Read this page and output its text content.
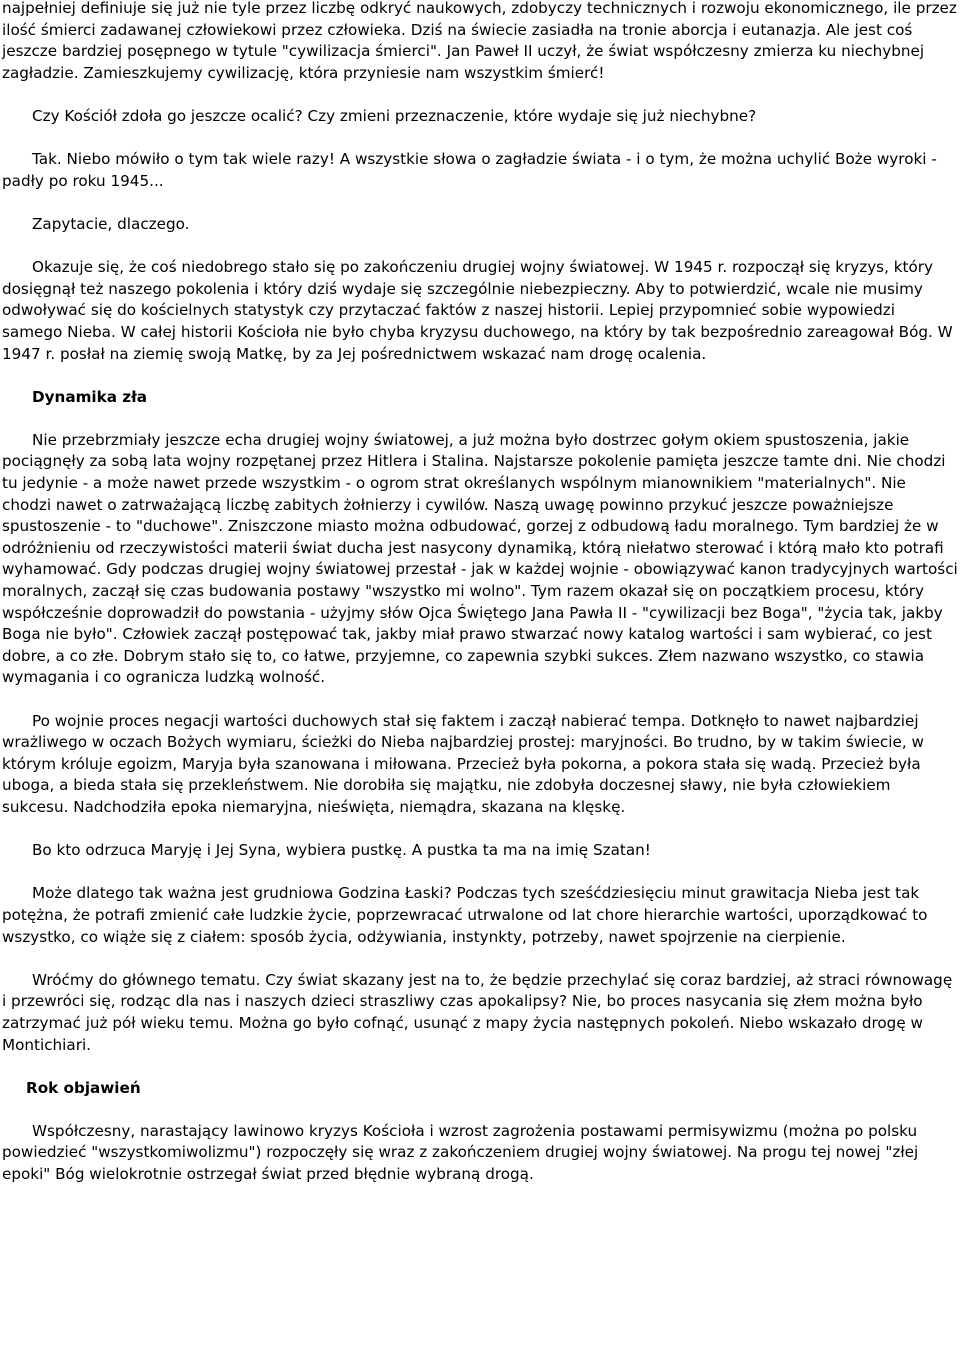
najpełniej definiuje się już nie tyle przez liczbę odkryć naukowych, zdobyczy technicznych i rozwoju ekonomicznego, ile przez ilość śmierci zadawanej człowiekowi przez człowieka. Dziś na świecie zasiadła na tronie aborcja i eutanazja. Ale jest coś jeszcze bardziej posępnego w tytule "cywilizacja śmierci". Jan Paweł II uczył, że świat współczesny zmierza ku niechybnej zagładzie. Zamieszkujemy cywilizację, która przyniesie nam wszystkim śmierć!

Czy Kościół zdoła go jeszcze ocalić? Czy zmieni przeznaczenie, które wydaje się już niechybne?

Tak. Niebo mówiło o tym tak wiele razy! A wszystkie słowa o zagładzie świata - i o tym, że można uchylić Boże wyroki - padły po roku 1945...

Zapytacie, dlaczego.

Okazuje się, że coś niedobrego stało się po zakończeniu drugiej wojny światowej. W 1945 r. rozpoczął się kryzys, który dosięgnął też naszego pokolenia i który dziś wydaje się szczególnie niebezpieczny. Aby to potwierdzić, wcale nie musimy odwoływać się do kościelnych statystyk czy przytaczać faktów z naszej historii. Lepiej przypomnieć sobie wypowiedzi samego Nieba. W całej historii Kościoła nie było chyba kryzysu duchowego, na który by tak bezpośrednio zareagował Bóg. W 1947 r. posłał na ziemię swoją Matkę, by za Jej pośrednictwem wskazać nam drogę ocalenia.

Dynamika zła

Nie przebrzmiały jeszcze echa drugiej wojny światowej, a już można było dostrzec gołym okiem spustoszenia, jakie pociągnęły za sobą lata wojny rozpętanej przez Hitlera i Stalina. Najstarsze pokolenie pamięta jeszcze tamte dni. Nie chodzi tu jedynie - a może nawet przede wszystkim - o ogrom strat określanych wspólnym mianownikiem "materialnych". Nie chodzi nawet o zatrważającą liczbę zabitych żołnierzy i cywilów. Naszą uwagę powinno przykuć jeszcze poważniejsze spustoszenie - to "duchowe". Zniszczone miasto można odbudować, gorzej z odbudową ładu moralnego. Tym bardziej że w odróżnieniu od rzeczywistości materii świat ducha jest nasycony dynamiką, którą niełatwo sterować i którą mało kto potrafi wyhamować. Gdy podczas drugiej wojny światowej przestał - jak w każdej wojnie - obowiązywać kanon tradycyjnych wartości moralnych, zaczął się czas budowania postawy "wszystko mi wolno". Tym razem okazał się on początkiem procesu, który współcześnie doprowadził do powstania - użyjmy słów Ojca Świętego Jana Pawła II - "cywilizacji bez Boga", "życia tak, jakby Boga nie było". Człowiek zaczął postępować tak, jakby miał prawo stwarzać nowy katalog wartości i sam wybierać, co jest dobre, a co złe. Dobrym stało się to, co łatwe, przyjemne, co zapewnia szybki sukces. Złem nazwano wszystko, co stawia wymagania i co ogranicza ludzką wolność.

Po wojnie proces negacji wartości duchowych stał się faktem i zaczął nabierać tempa. Dotknęło to nawet najbardziej wrażliwego w oczach Bożych wymiaru, ścieżki do Nieba najbardziej prostej: maryjności. Bo trudno, by w takim świecie, w którym króluje egoizm, Maryja była szanowana i miłowana. Przecież była pokorna, a pokora stała się wadą. Przecież była uboga, a bieda stała się przekleństwem. Nie dorobiła się majątku, nie zdobyła doczesnej sławy, nie była człowiekiem sukcesu. Nadchodziła epoka niemaryjna, nieświęta, niemądra, skazana na klęskę.

Bo kto odrzuca Maryję i Jej Syna, wybiera pustkę. A pustka ta ma na imię Szatan!

Może dlatego tak ważna jest grudniowa Godzina Łaski? Podczas tych sześćdziesięciu minut grawitacja Nieba jest tak potężna, że potrafi zmienić całe ludzkie życie, poprzewracać utrwalone od lat chore hierarchie wartości, uporządkować to wszystko, co wiąże się z ciałem: sposób życia, odżywiania, instynkty, potrzeby, nawet spojrzenie na cierpienie.

Wróćmy do głównego tematu. Czy świat skazany jest na to, że będzie przechylać się coraz bardziej, aż straci równowagę i przewróci się, rodząc dla nas i naszych dzieci straszliwy czas apokalipsy? Nie, bo proces nasycania się złem można było zatrzymać już pół wieku temu. Można go było cofnąć, usunąć z mapy życia następnych pokoleń. Niebo wskazało drogę w Montichiari.

Rok objawień

Współczesny, narastający lawinowo kryzys Kościoła i wzrost zagrożenia postawami permisywizmu (można po polsku powiedzieć "wszystkomiwolizmu") rozpoczęły się wraz z zakończeniem drugiej wojny światowej. Na progu tej nowej "złej epoki" Bóg wielokrotnie ostrzegał świat przed błędnie wybraną drogą.
